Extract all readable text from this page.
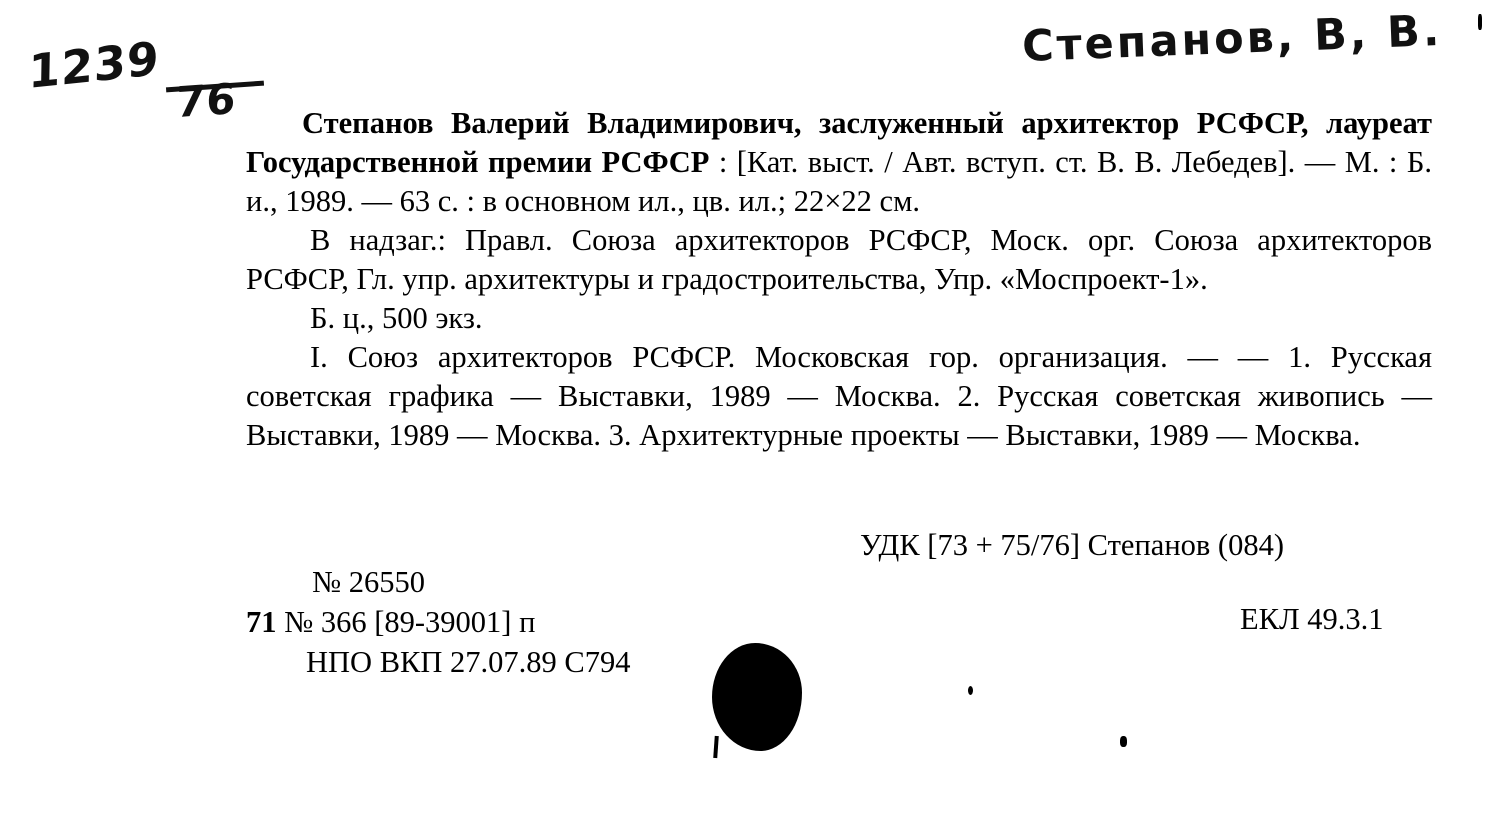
Степанов, В, В.
1239
76	Степанов Валерий Владимирович, заслуженный архитектор РСФСР, лауреат Государственной премии РСФСР : [Кат. выст. / Авт. вступ. ст. В. В. Лебедев]. — М. : Б. и., 1989. — 63 с. : в основном ил., цв. ил.; 22×22 см.

В надзаг.: Правл. Союза архитекторов РСФСР, Моск. орг. Союза архитекторов РСФСР, Гл. упр. архитектуры и градостроительства, Упр. «Моспроект-1».

Б. ц., 500 экз.

I. Союз архитекторов РСФСР. Московская гор. организация. — — 1. Русская советская графика — Выставки, 1989 — Москва. 2. Русская советская живопись — Выставки, 1989 — Москва. 3. Архитектурные проекты — Выставки, 1989 — Москва.

УДК [73 + 75/76] Степанов (084)
№ 26550
71 № 366 [89-39001] п
НПО ВКП 27.07.89 С794
ЕКЛ 49.3.1
